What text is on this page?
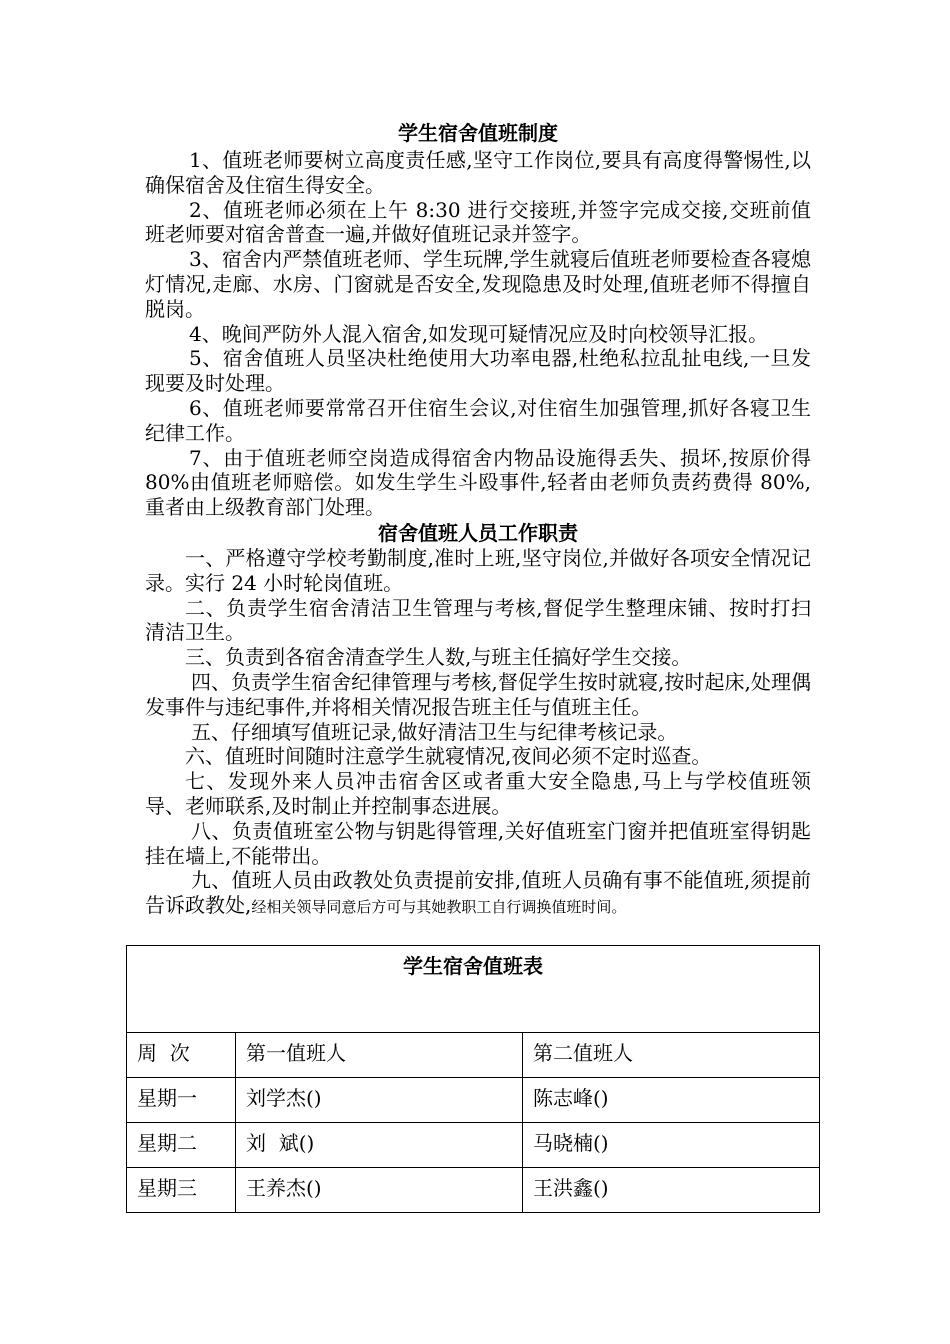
学生宿舍值班制度

1、值班老师要树立高度责任感,坚守工作岗位,要具有高度得警惕性,以确保宿舍及住宿生得安全。

2、值班老师必须在上午 8:30 进行交接班,并签字完成交接,交班前值班老师要对宿舍普查一遍,并做好值班记录并签字。

3、宿舍内严禁值班老师、学生玩牌,学生就寝后值班老师要检查各寝熄灯情况,走廊、水房、门窗就是否安全,发现隐患及时处理,值班老师不得擅自脱岗。

4、晚间严防外人混入宿舍,如发现可疑情况应及时向校领导汇报。

5、宿舍值班人员坚决杜绝使用大功率电器,杜绝私拉乱扯电线,一旦发现要及时处理。

6、值班老师要常常召开住宿生会议,对住宿生加强管理,抓好各寝卫生纪律工作。

7、由于值班老师空岗造成得宿舍内物品设施得丢失、损坏,按原价得 80%由值班老师赔偿。如发生学生斗殴事件,轻者由老师负责药费得 80%,重者由上级教育部门处理。

宿舍值班人员工作职责

一、严格遵守学校考勤制度,准时上班,坚守岗位,并做好各项安全情况记录。实行 24 小时轮岗值班。

二、负责学生宿舍清洁卫生管理与考核,督促学生整理床铺、按时打扫清洁卫生。

三、负责到各宿舍清查学生人数,与班主任搞好学生交接。

四、负责学生宿舍纪律管理与考核,督促学生按时就寝,按时起床,处理偶发事件与违纪事件,并将相关情况报告班主任与值班主任。

五、仔细填写值班记录,做好清洁卫生与纪律考核记录。

六、值班时间随时注意学生就寝情况,夜间必须不定时巡查。

七、发现外来人员冲击宿舍区或者重大安全隐患,马上与学校值班领导、老师联系,及时制止并控制事态进展。

八、负责值班室公物与钥匙得管理,关好值班室门窗并把值班室得钥匙挂在墙上,不能带出。

九、值班人员由政教处负责提前安排,值班人员确有事不能值班,须提前告诉政教处,经相关领导同意后方可与其她教职工自行调换值班时间。

学生宿舍值班表		
周  次	第一值班人	第二值班人
星期一	刘学杰()	陈志峰()
星期二	刘  斌()	马晓楠()
星期三	王养杰()	王洪鑫()
